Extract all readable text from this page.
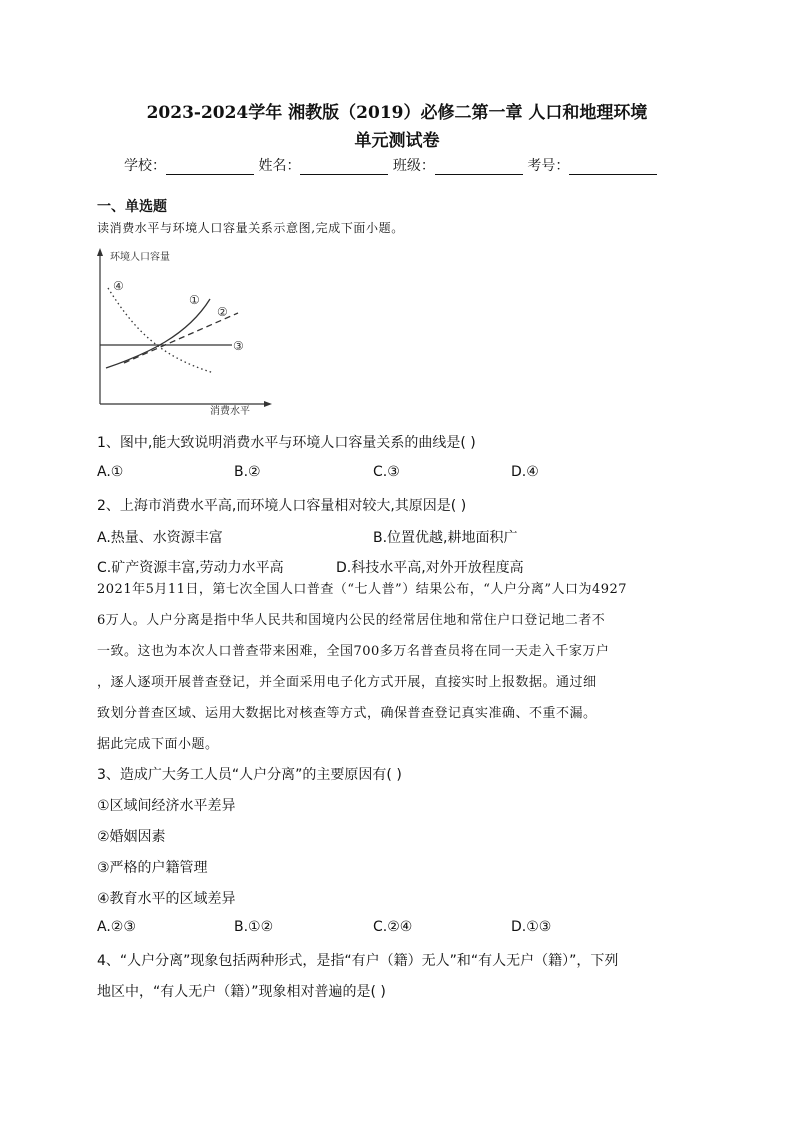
2023-2024学年 湘教版（2019）必修二第一章 人口和地理环境
单元测试卷
学校：	姓名：	班级：	考号：
一、单选题
读消费水平与环境人口容量关系示意图,完成下面小题。
环境人口容量
消费水平
④
①
②
③
1、图中,能大致说明消费水平与环境人口容量关系的曲线是( )
A.①	B.②	C.③	D.④
2、上海市消费水平高,而环境人口容量相对较大,其原因是( )
A.热量、水资源丰富	B.位置优越,耕地面积广
C.矿产资源丰富,劳动力水平高	D.科技水平高,对外开放程度高
2021年5月11日，第七次全国人口普查（“七人普”）结果公布，“人户分离”人口为4927
6万人。人户分离是指中华人民共和国境内公民的经常居住地和常住户口登记地二者不
一致。这也为本次人口普查带来困难，全国700多万名普查员将在同一天走入千家万户
，逐人逐项开展普查登记，并全面采用电子化方式开展，直接实时上报数据。通过细
致划分普查区域、运用大数据比对核查等方式，确保普查登记真实准确、不重不漏。
据此完成下面小题。
3、造成广大务工人员“人户分离”的主要原因有( )
①区域间经济水平差异
②婚姻因素
③严格的户籍管理
④教育水平的区域差异
A.②③	B.①②	C.②④	D.①③
4、“人户分离”现象包括两种形式，是指“有户（籍）无人”和“有人无户（籍）”，下列
地区中，“有人无户（籍）”现象相对普遍的是( )
